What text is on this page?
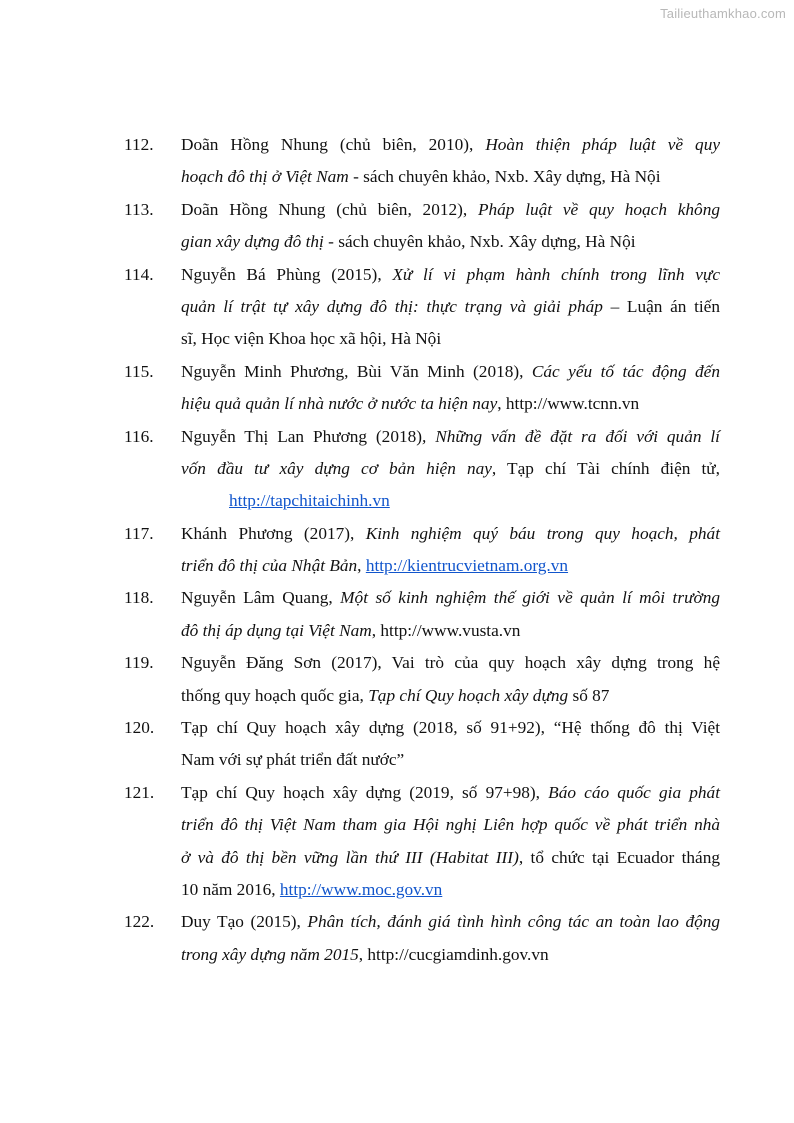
Tailieuthamkhao.com
112. Doãn Hồng Nhung (chủ biên, 2010), Hoàn thiện pháp luật về quy
hoạch đô thị ở Việt Nam - sách chuyên khảo, Nxb. Xây dựng, Hà Nội
113. Doãn Hồng Nhung (chủ biên, 2012), Pháp luật về quy hoạch không
gian xây dựng đô thị - sách chuyên khảo, Nxb. Xây dựng, Hà Nội
114. Nguyễn Bá Phùng (2015), Xử lí vi phạm hành chính trong lĩnh vực
quản lí trật tự xây dựng đô thị: thực trạng và giải pháp – Luận án tiến
sĩ, Học viện Khoa học xã hội, Hà Nội
115. Nguyễn Minh Phương, Bùi Văn Minh (2018), Các yếu tố tác động đến
hiệu quả quản lí nhà nước ở nước ta hiện nay, http://www.tcnn.vn
116. Nguyễn Thị Lan Phương (2018), Những vấn đề đặt ra đối với quản lí
vốn đầu tư xây dựng cơ bản hiện nay, Tạp chí Tài chính điện tử,
http://tapchitaichinh.vn
117. Khánh Phương (2017), Kinh nghiệm quý báu trong quy hoạch, phát
triển đô thị của Nhật Bản, http://kientrucvietnam.org.vn
118. Nguyễn Lâm Quang, Một số kinh nghiệm thế giới về quản lí môi trường
đô thị áp dụng tại Việt Nam, http://www.vusta.vn
119. Nguyễn Đăng Sơn (2017), Vai trò của quy hoạch xây dựng trong hệ
thống quy hoạch quốc gia, Tạp chí Quy hoạch xây dựng số 87
120. Tạp chí Quy hoạch xây dựng (2018, số 91+92), “Hệ thống đô thị Việt
Nam với sự phát triển đất nước”
121. Tạp chí Quy hoạch xây dựng (2019, số 97+98), Báo cáo quốc gia phát
triển đô thị Việt Nam tham gia Hội nghị Liên hợp quốc về phát triển nhà
ở và đô thị bền vững lần thứ III (Habitat III), tổ chức tại Ecuador tháng
10 năm 2016, http://www.moc.gov.vn
122. Duy Tạo (2015), Phân tích, đánh giá tình hình công tác an toàn lao động
trong xây dựng năm 2015, http://cucgiamdinh.gov.vn
